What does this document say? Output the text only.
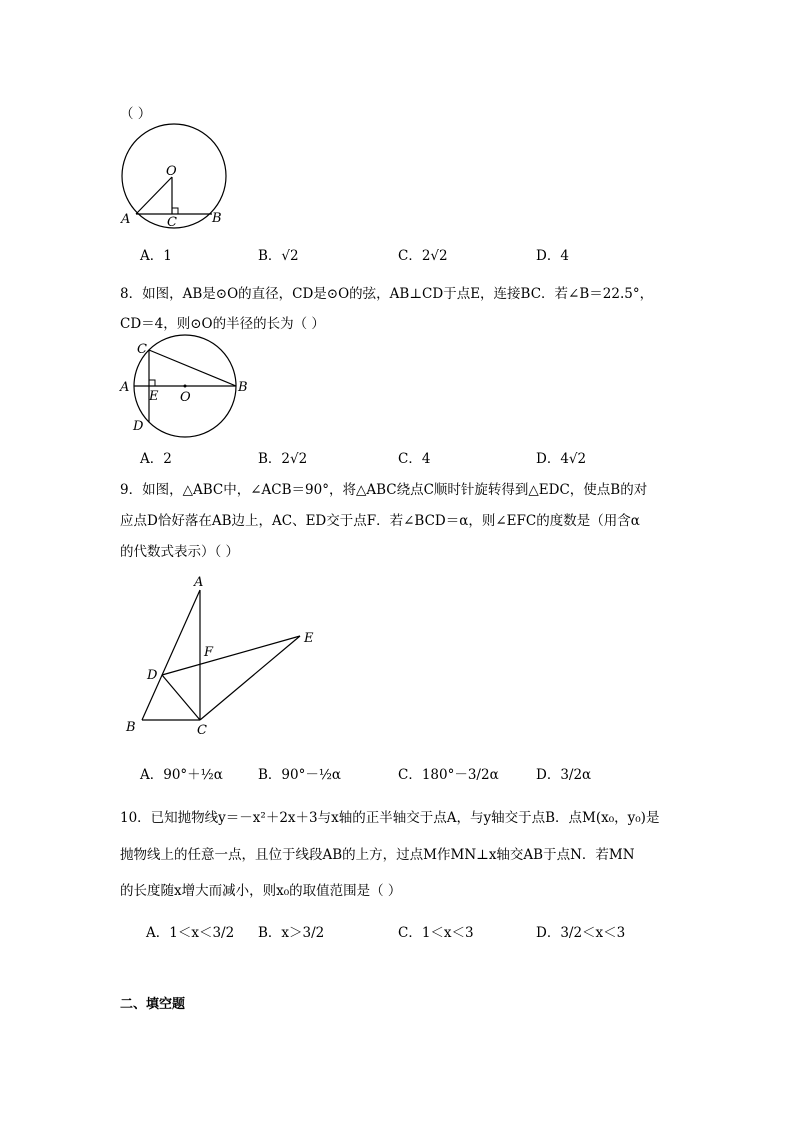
（ ）
O
A	C	B
A．1	B．√2	C．2√2	D．4
8．如图，AB是⊙O的直径，CD是⊙O的弦，AB⊥CD于点E，连接BC．若∠B＝22.5°，
CD＝4，则⊙O的半径的长为（ ）
C
A
E O
B
D
A．2	B．2√2	C．4	D．4√2
9．如图，△ABC中，∠ACB＝90°，将△ABC绕点C顺时针旋转得到△EDC，使点B的对
应点D恰好落在AB边上，AC、ED交于点F．若∠BCD＝α，则∠EFC的度数是（用含α
的代数式表示）（ ）
A
E
F
D
B	C
A．90°＋½α	B．90°－½α	C．180°－3/2α	D．3/2α
10．已知抛物线y＝－x²＋2x＋3与x轴的正半轴交于点A，与y轴交于点B．点M(x₀，y₀)是
抛物线上的任意一点，且位于线段AB的上方，过点M作MN⊥x轴交AB于点N．若MN
的长度随x增大而减小，则x₀的取值范围是（ ）
A．1＜x＜3/2 B．x＞3/2	C．1＜x＜3	D．3/2＜x＜3
二、填空题
